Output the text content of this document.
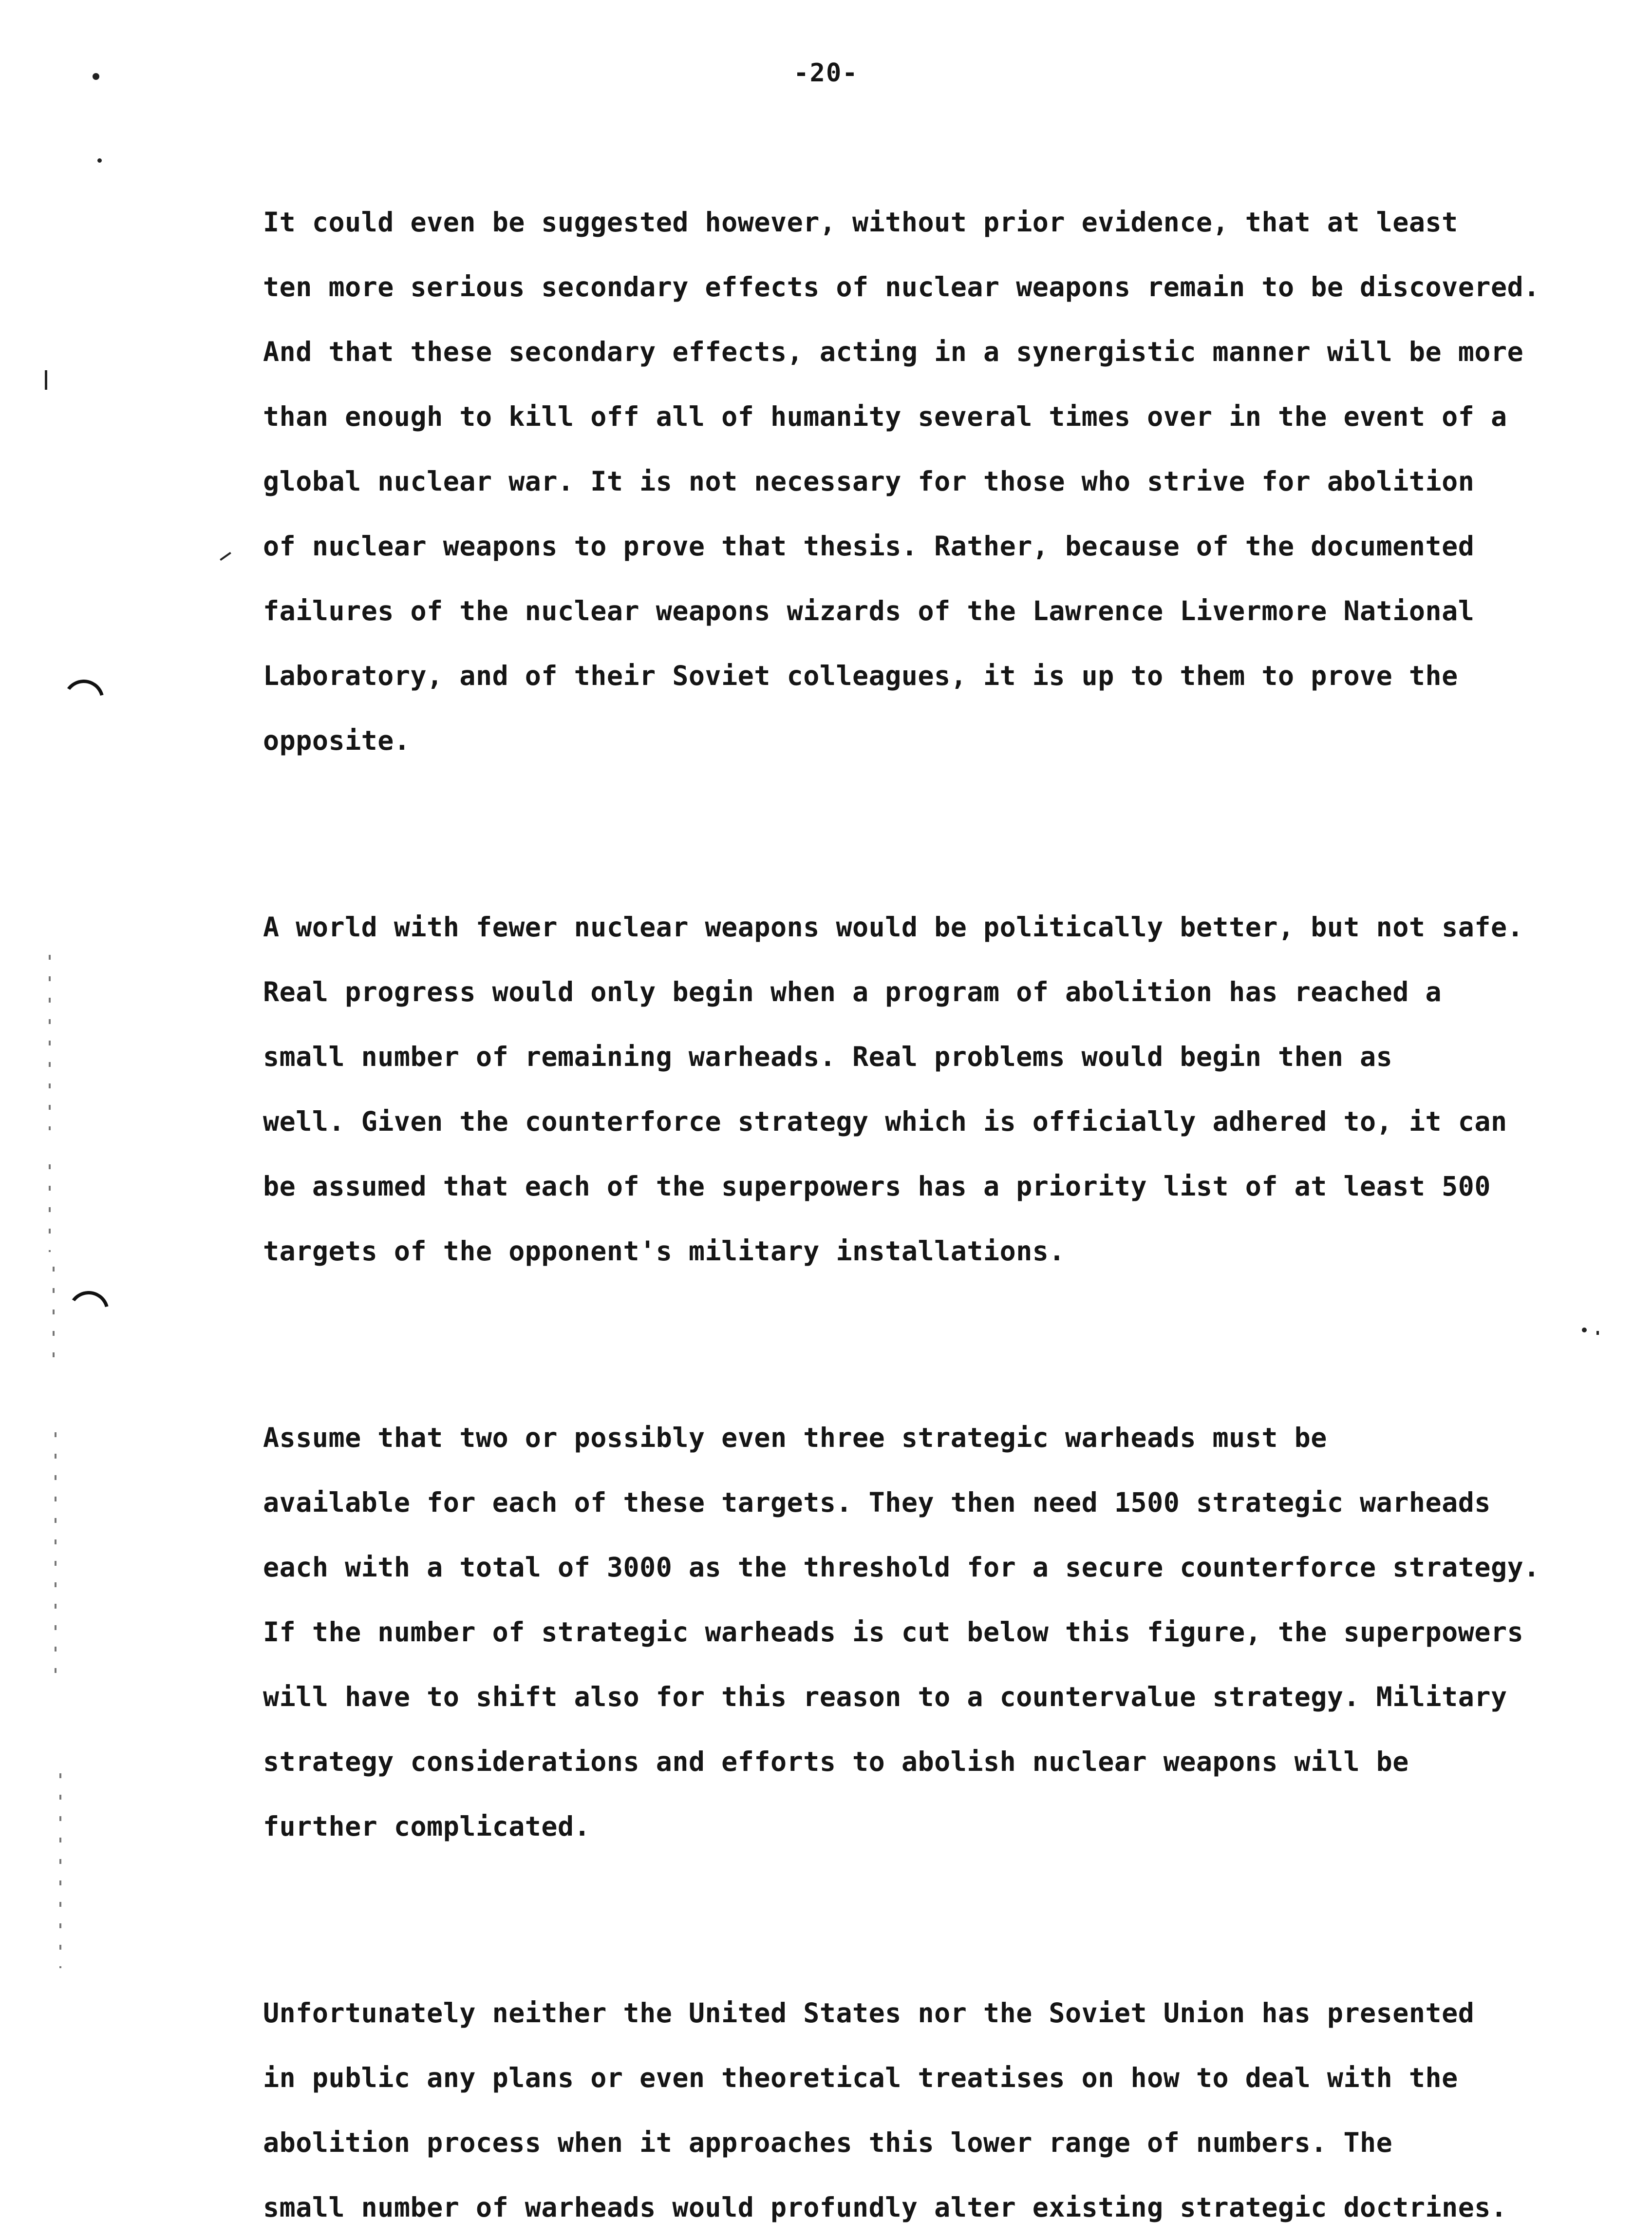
-20-
It could even be suggested however, without prior evidence, that at least
ten more serious secondary effects of nuclear weapons remain to be discovered.
And that these secondary effects, acting in a synergistic manner will be more
than enough to kill off all of humanity several times over in the event of a
global nuclear war. It is not necessary for those who strive for abolition
of nuclear weapons to prove that thesis. Rather, because of the documented
failures of the nuclear weapons wizards of the Lawrence Livermore National
Laboratory, and of their Soviet colleagues, it is up to them to prove the
opposite.
A world with fewer nuclear weapons would be politically better, but not safe.
Real progress would only begin when a program of abolition has reached a
small number of remaining warheads. Real problems would begin then as
well. Given the counterforce strategy which is officially adhered to, it can
be assumed that each of the superpowers has a priority list of at least 500
targets of the opponent's military installations.
Assume that two or possibly even three strategic warheads must be
available for each of these targets. They then need 1500 strategic warheads
each with a total of 3000 as the threshold for a secure counterforce strategy.
If the number of strategic warheads is cut below this figure, the superpowers
will have to shift also for this reason to a countervalue strategy. Military
strategy considerations and efforts to abolish nuclear weapons will be
further complicated.
Unfortunately neither the United States nor the Soviet Union has presented
in public any plans or even theoretical treatises on how to deal with the
abolition process when it approaches this lower range of numbers. The
small number of warheads would profundly alter existing strategic doctrines.
